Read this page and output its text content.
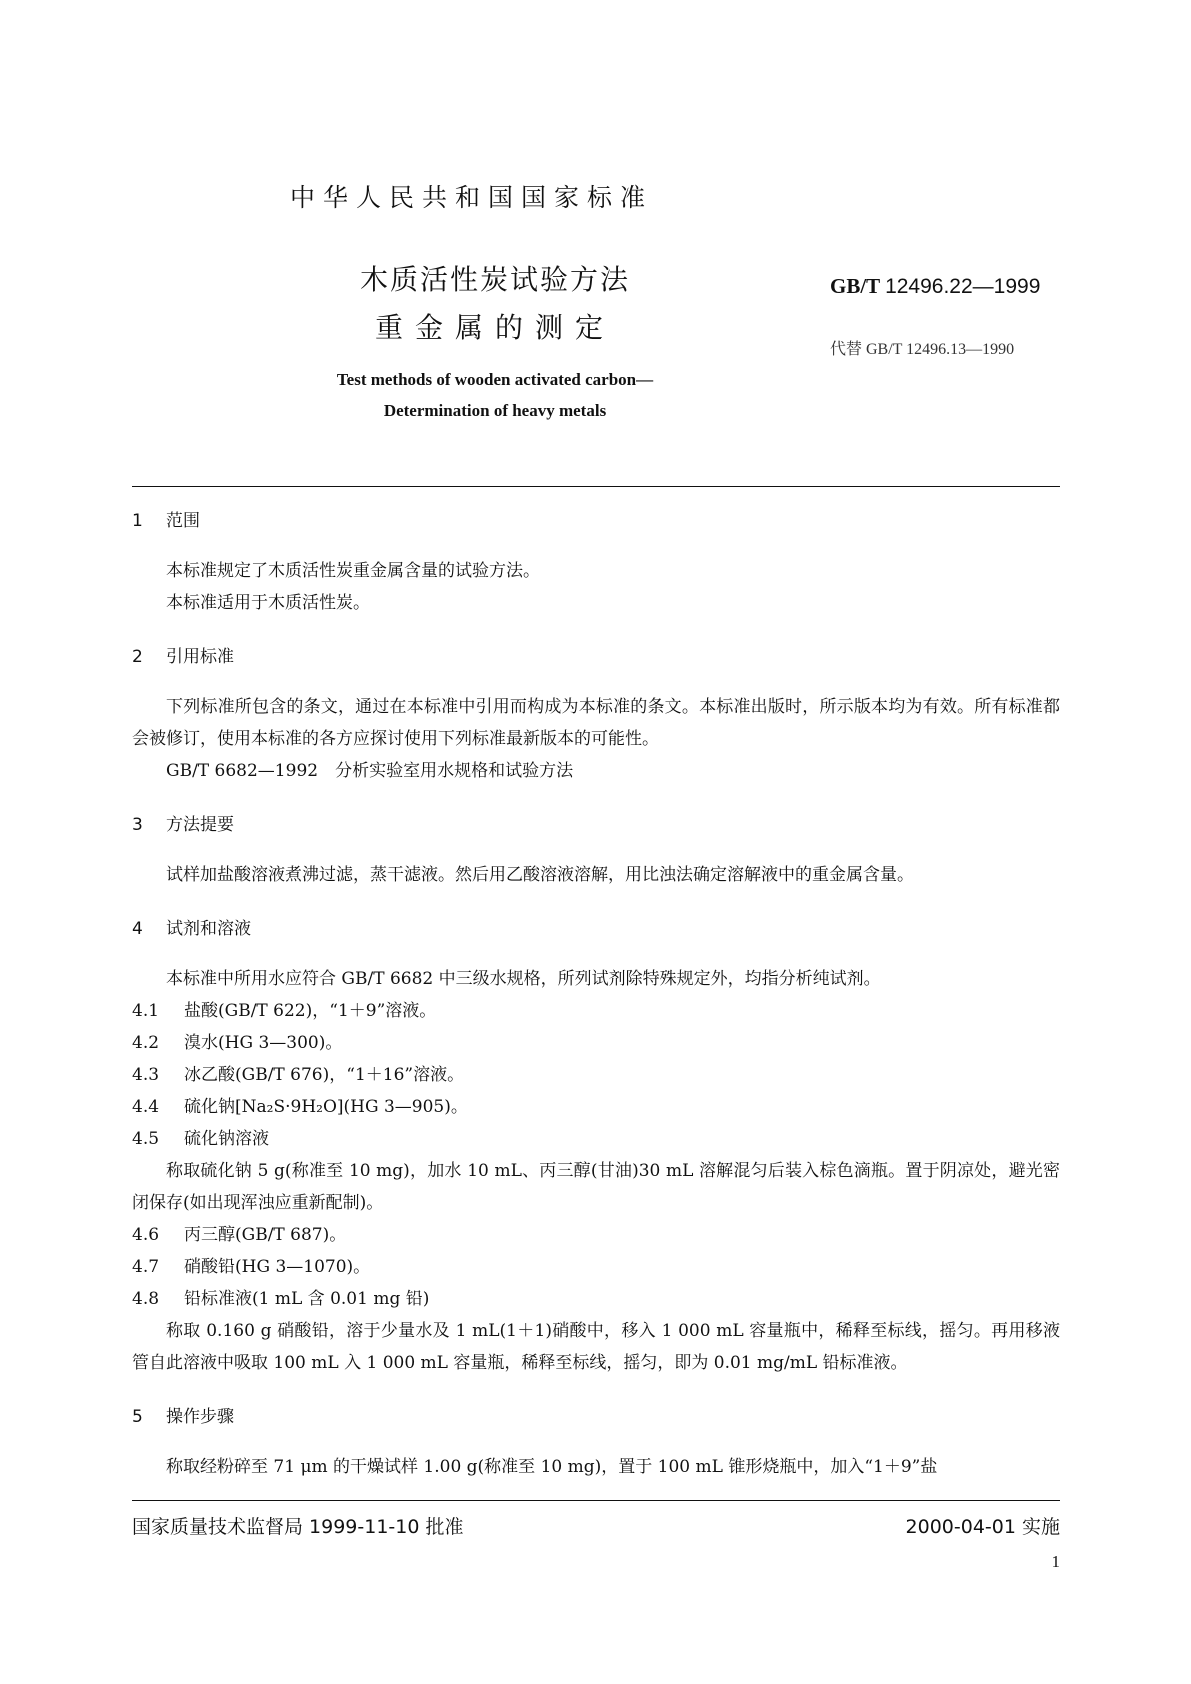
中华人民共和国国家标准
木质活性炭试验方法
重金属的测定
GB/T 12496.22—1999
代替 GB/T 12496.13—1990
Test methods of wooden activated carbon—
Determination of heavy metals
1 范围

本标准规定了木质活性炭重金属含量的试验方法。

本标准适用于木质活性炭。

2 引用标准

下列标准所包含的条文，通过在本标准中引用而构成为本标准的条文。本标准出版时，所示版本均为有效。所有标准都会被修订，使用本标准的各方应探讨使用下列标准最新版本的可能性。

GB/T 6682—1992　分析实验室用水规格和试验方法

3 方法提要

试样加盐酸溶液煮沸过滤，蒸干滤液。然后用乙酸溶液溶解，用比浊法确定溶解液中的重金属含量。

4 试剂和溶液

本标准中所用水应符合 GB/T 6682 中三级水规格，所列试剂除特殊规定外，均指分析纯试剂。

4.1 盐酸(GB/T 622)，“1＋9”溶液。

4.2 溴水(HG 3—300)。

4.3 冰乙酸(GB/T 676)，“1＋16”溶液。

4.4 硫化钠[Na₂S·9H₂O](HG 3—905)。

4.5 硫化钠溶液

称取硫化钠 5 g(称准至 10 mg)，加水 10 mL、丙三醇(甘油)30 mL 溶解混匀后装入棕色滴瓶。置于阴凉处，避光密闭保存(如出现浑浊应重新配制)。

4.6 丙三醇(GB/T 687)。

4.7 硝酸铅(HG 3—1070)。

4.8 铅标准液(1 mL 含 0.01 mg 铅)

称取 0.160 g 硝酸铅，溶于少量水及 1 mL(1＋1)硝酸中，移入 1 000 mL 容量瓶中，稀释至标线，摇匀。再用移液管自此溶液中吸取 100 mL 入 1 000 mL 容量瓶，稀释至标线，摇匀，即为 0.01 mg/mL 铅标准液。

5 操作步骤

称取经粉碎至 71 μm 的干燥试样 1.00 g(称准至 10 mg)，置于 100 mL 锥形烧瓶中，加入“1＋9”盐

国家质量技术监督局 1999-11-10 批准	2000-04-01 实施
1
